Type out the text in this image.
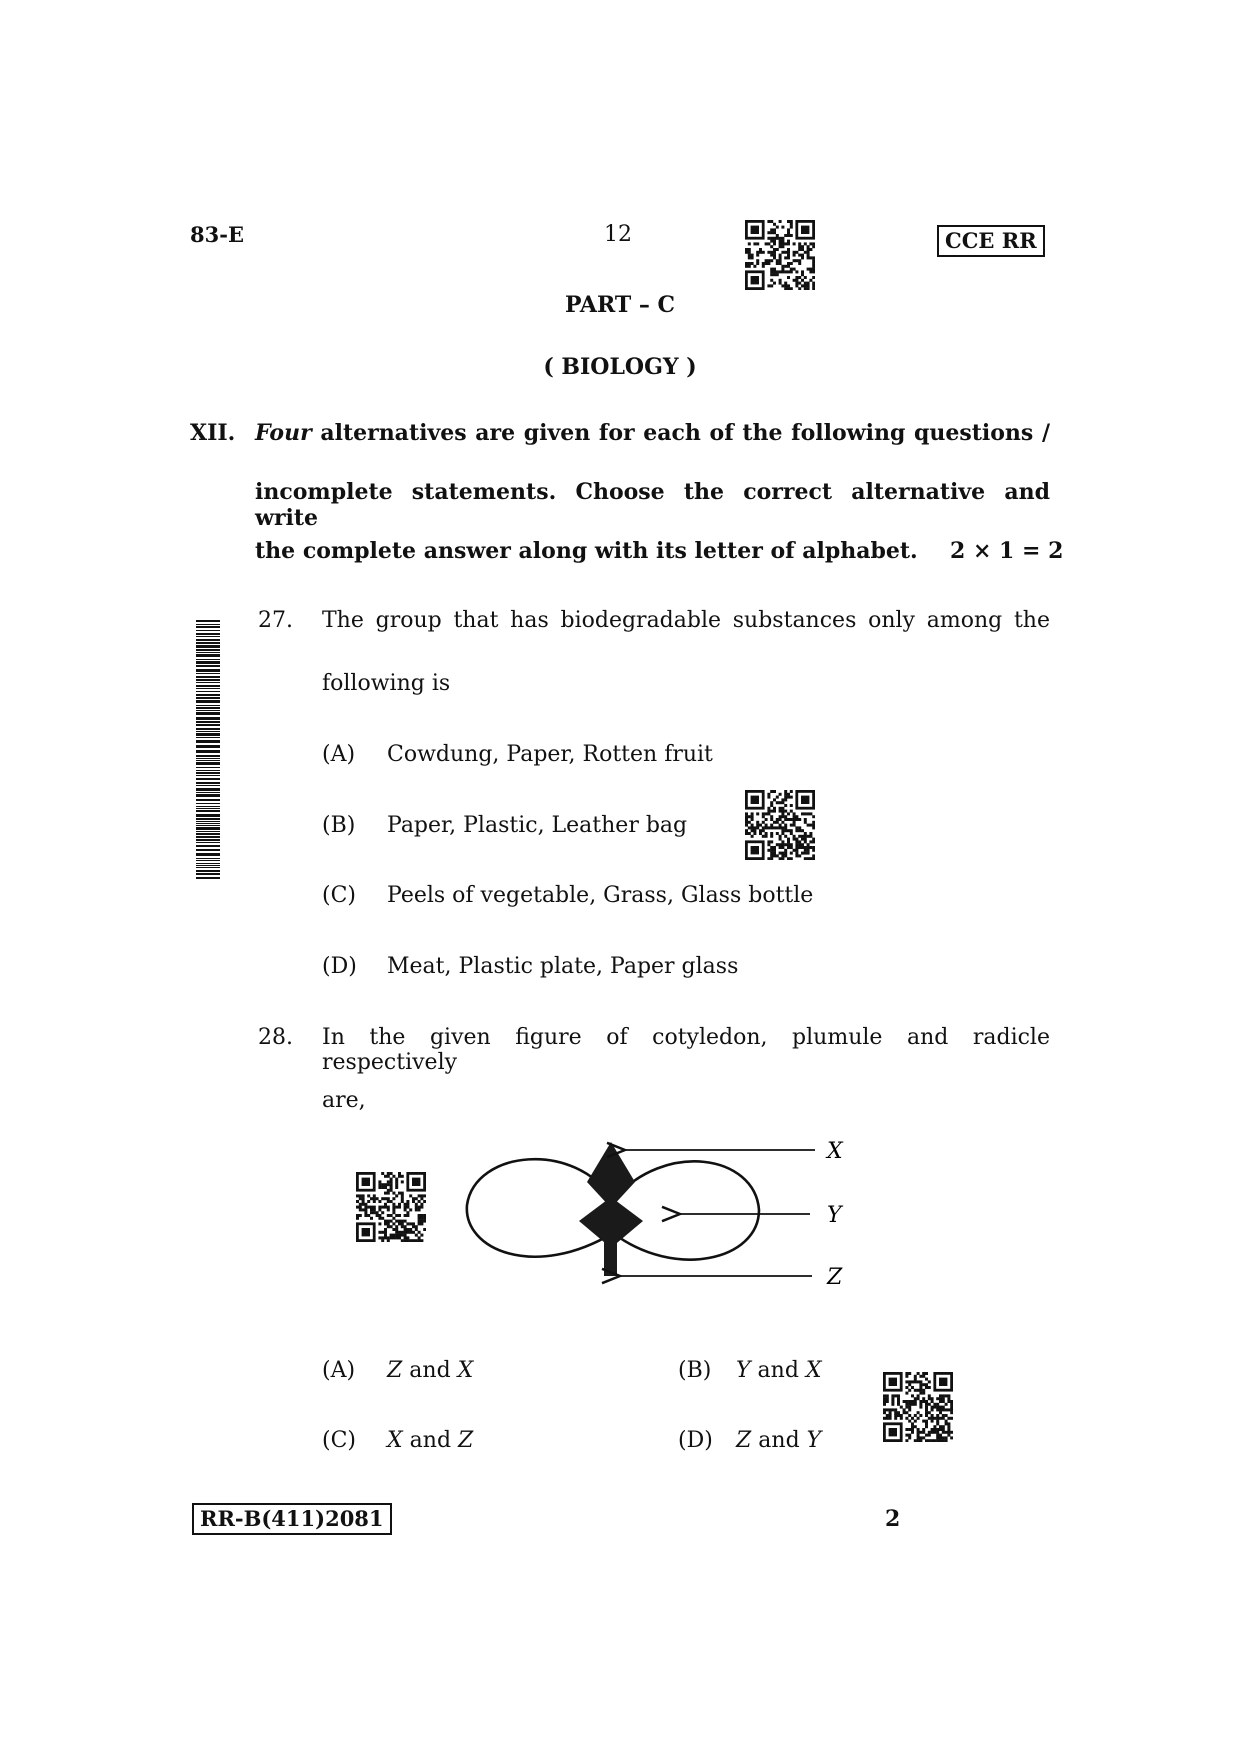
83-E	12	CCE RR
PART – C
( BIOLOGY )
XII. Four alternatives are given for each of the following questions /
incomplete statements. Choose the correct alternative and write
the complete answer along with its letter of alphabet. 2 × 1 = 2
27. The group that has biodegradable substances only among the
following is
(A) Cowdung, Paper, Rotten fruit
(B) Paper, Plastic, Leather bag
(C) Peels of vegetable, Grass, Glass bottle
(D) Meat, Plastic plate, Paper glass
28. In the given figure of cotyledon, plumule and radicle respectively
are,
X
Y
Z
(A) Z and X	(B) Y and X
(C) X and Z	(D) Z and Y
RR-B(411)2081	2
